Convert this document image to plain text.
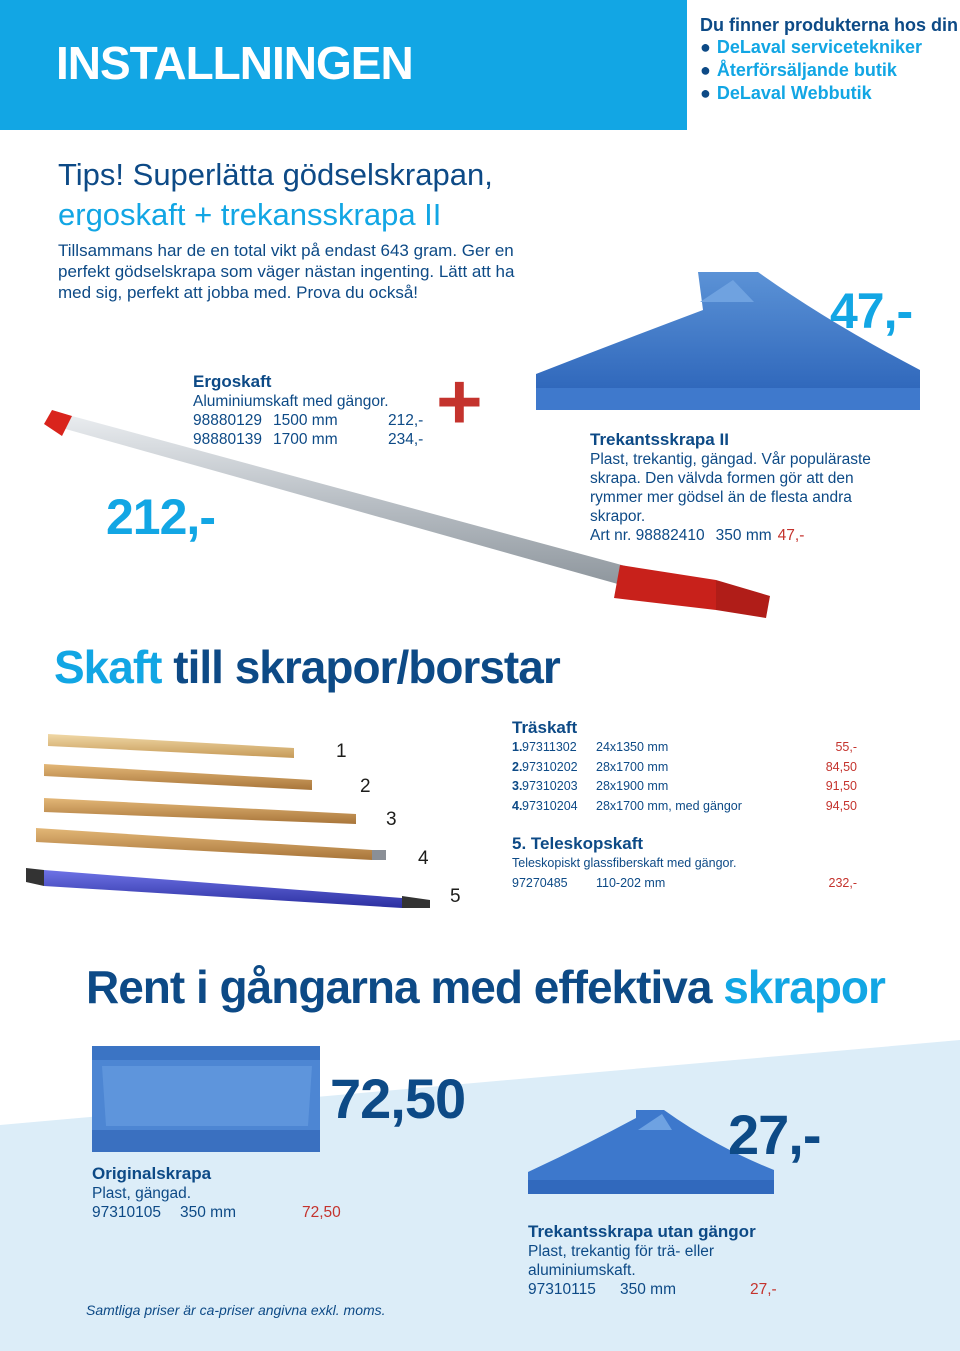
INSTALLNINGEN
Du finner produkterna hos din
● DeLaval servicetekniker
● Återförsäljande butik
● DeLaval Webbutik
Tips! Superlätta gödselskrapan,
ergoskaft + trekansskrapa II
Tillsammans har de en total vikt på endast 643 gram. Ger en perfekt gödselskrapa som väger nästan ingenting. Lätt att ha med sig, perfekt att jobba med. Prova du också!	47,-
212,-
Ergoskaft
Aluminiumskaft med gängor.
98880129 1500 mm	212,-
98880139 1700 mm	234,- +	Trekantsskrapa II
Plast, trekantig, gängad. Vår populäraste skrapa. Den välvda formen gör att den rymmer mer gödsel än de flesta andra skrapor.
Art nr.
98882410 350 mm 47,-
Skaft till skrapor/borstar
1
2
3
4
5
Träskaft
1. 97311302	24x1350 mm	55,-
2. 97310202	28x1700 mm	84,50
3. 97310203	28x1900 mm	91,50
4. 97310204	28x1700 mm, med gängor	94,50
5. Teleskopskaft
Teleskopiskt glassfiberskaft med gängor.
97270485	110-202 mm	232,-
Rent i gångarna med effektiva skrapor
72,50
Originalskrapa
Plast, gängad.
97310105	350 mm	72,50
27,-
Trekantsskrapa utan gängor
Plast, trekantig för trä- eller aluminiumskaft.
97310115	350 mm	27,-
Samtliga priser är ca-priser angivna exkl. moms.
